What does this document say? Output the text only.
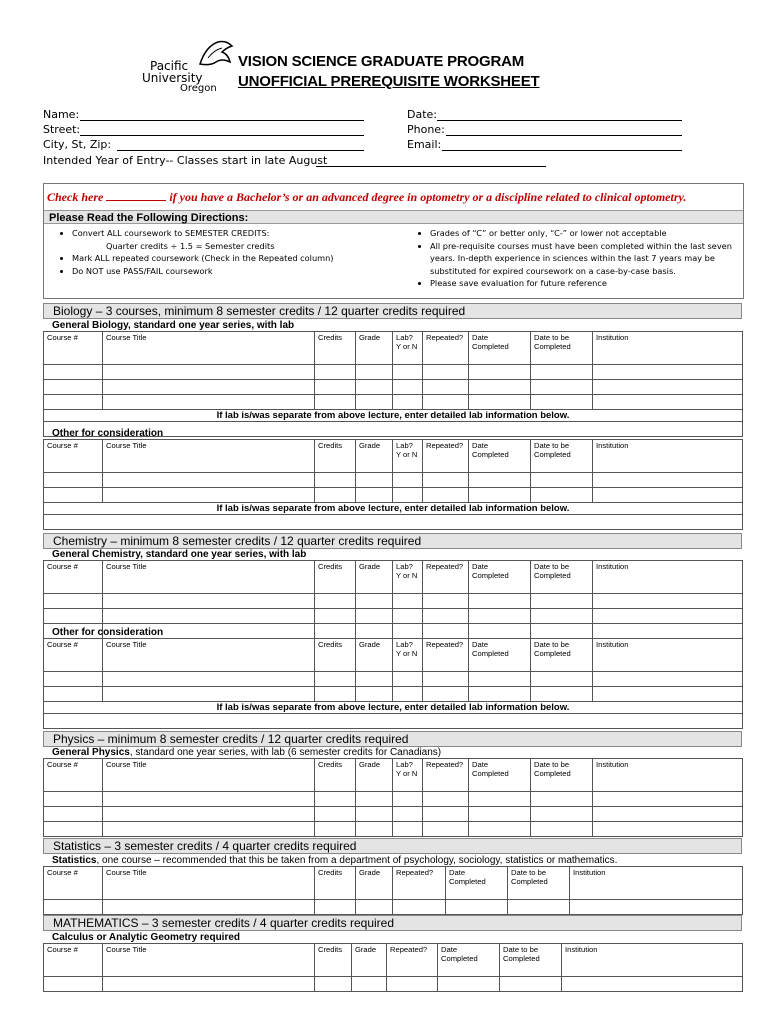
Pacific
University
Oregon
VISION SCIENCE GRADUATE PROGRAM
UNOFFICIAL PREREQUISITE WORKSHEET
Name:
Street:
City, St, Zip:
Intended Year of Entry-- Classes start in late August
Date:
Phone:
Email:
Check here	if you have a Bachelor’s or an advanced degree in optometry or a discipline related to clinical optometry.
Please Read the Following Directions:
• Convert ALL coursework to SEMESTER CREDITS:
Quarter credits ÷ 1.5 = Semester credits
• Mark ALL repeated coursework (Check in the Repeated column)
• Do NOT use PASS/FAIL coursework
• Grades of “C” or better only, “C-” or lower not acceptable
• All pre-requisite courses must have been completed within the last seven years. In-depth experience in sciences within the last 7 years may be substituted for expired coursework on a case-by-case basis.
• Please save evaluation for future reference
Biology – 3 courses, minimum 8 semester credits / 12 quarter credits required
General Biology, standard one year series, with lab
Course #	Course Title	Credits	Grade	Lab?
Y or N	Repeated?	Date
Completed	Date to be
Completed	Institution

If lab is/was separate from above lecture, enter detailed lab information below.								

Other for consideration
Course #	Course Title	Credits	Grade	Lab?
Y or N	Repeated?	Date
Completed	Date to be
Completed	Institution

If lab is/was separate from above lecture, enter detailed lab information below.								

Chemistry – minimum 8 semester credits / 12 quarter credits required
General Chemistry, standard one year series, with lab
Course #	Course Title	Credits	Grade	Lab?
Y or N	Repeated?	Date
Completed	Date to be
Completed	Institution

Other for consideration
Course #	Course Title	Credits	Grade	Lab?
Y or N	Repeated?	Date
Completed	Date to be
Completed	Institution

If lab is/was separate from above lecture, enter detailed lab information below.								

Physics – minimum 8 semester credits / 12 quarter credits required
General Physics, standard one year series, with lab (6 semester credits for Canadians)
Course #	Course Title	Credits	Grade	Lab?
Y or N	Repeated?	Date
Completed	Date to be
Completed	Institution

Statistics – 3 semester credits / 4 quarter credits required
Statistics, one course – recommended that this be taken from a department of psychology, sociology, statistics or mathematics.
Course #	Course Title	Credits	Grade	Repeated?	Date
Completed	Date to be
Completed	Institution

MATHEMATICS – 3 semester credits / 4 quarter credits required
Calculus or Analytic Geometry required
Course #	Course Title	Credits	Grade	Repeated?	Date
Completed	Date to be
Completed	Institution
